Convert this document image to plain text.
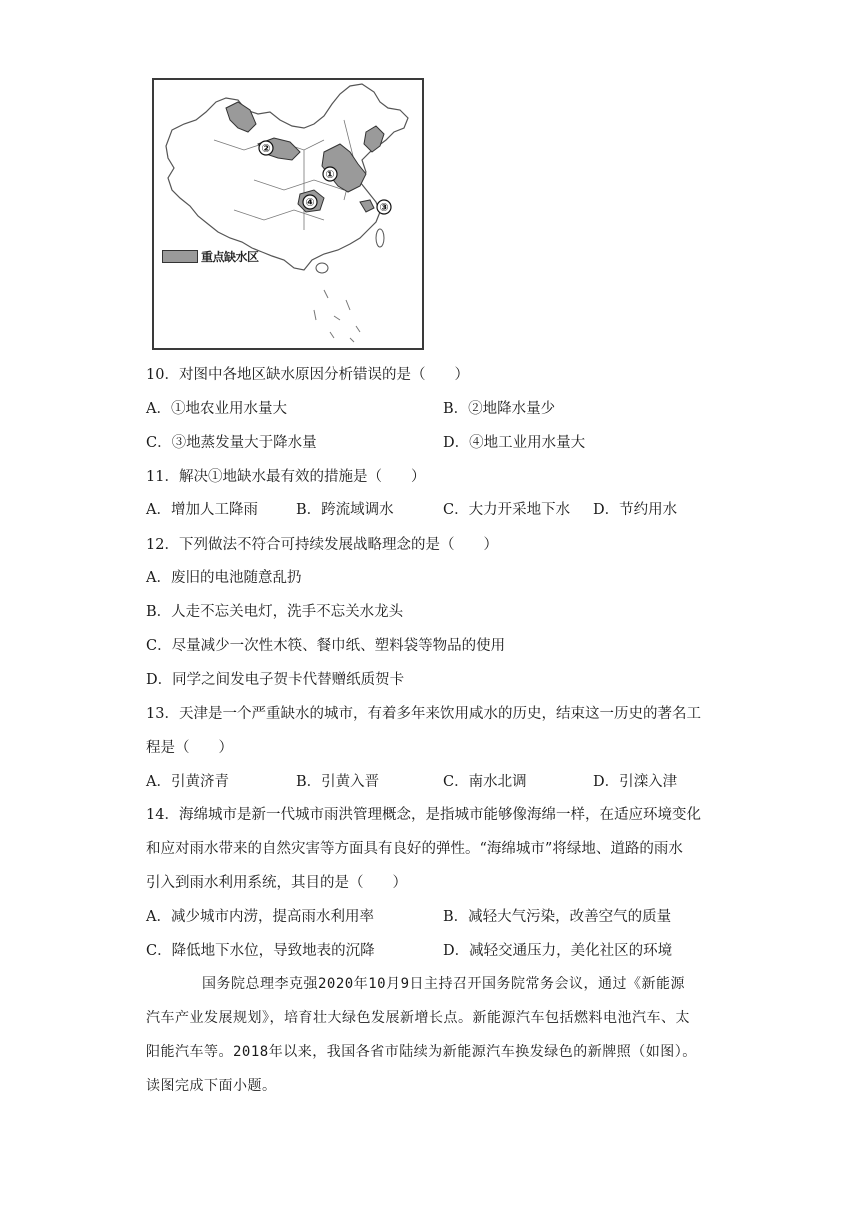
②
①
④	③
重点缺水区
10．对图中各地区缺水原因分析错误的是（　　）
A．①地农业用水量大	B．②地降水量少
C．③地蒸发量大于降水量	D．④地工业用水量大
11．解决①地缺水最有效的措施是（　　）
A．增加人工降雨	B．跨流域调水	C．大力开采地下水 D．节约用水
12．下列做法不符合可持续发展战略理念的是（　　）
A．废旧的电池随意乱扔
B．人走不忘关电灯，洗手不忘关水龙头
C．尽量减少一次性木筷、餐巾纸、塑料袋等物品的使用
D．同学之间发电子贺卡代替赠纸质贺卡
13．天津是一个严重缺水的城市，有着多年来饮用咸水的历史，结束这一历史的著名工
程是（　　）
A．引黄济青	B．引黄入晋	C．南水北调	D．引滦入津
14．海绵城市是新一代城市雨洪管理概念，是指城市能够像海绵一样，在适应环境变化
和应对雨水带来的自然灾害等方面具有良好的弹性。“海绵城市”将绿地、道路的雨水
引入到雨水利用系统，其目的是（　　）
A．减少城市内涝，提高雨水利用率	B．减轻大气污染，改善空气的质量
C．降低地下水位，导致地表的沉降	D．减轻交通压力，美化社区的环境
国务院总理李克强2020年10月9日主持召开国务院常务会议，通过《新能源
汽车产业发展规划》，培育壮大绿色发展新增长点。新能源汽车包括燃料电池汽车、太
阳能汽车等。2018年以来，我国各省市陆续为新能源汽车换发绿色的新牌照（如图）。
读图完成下面小题。
